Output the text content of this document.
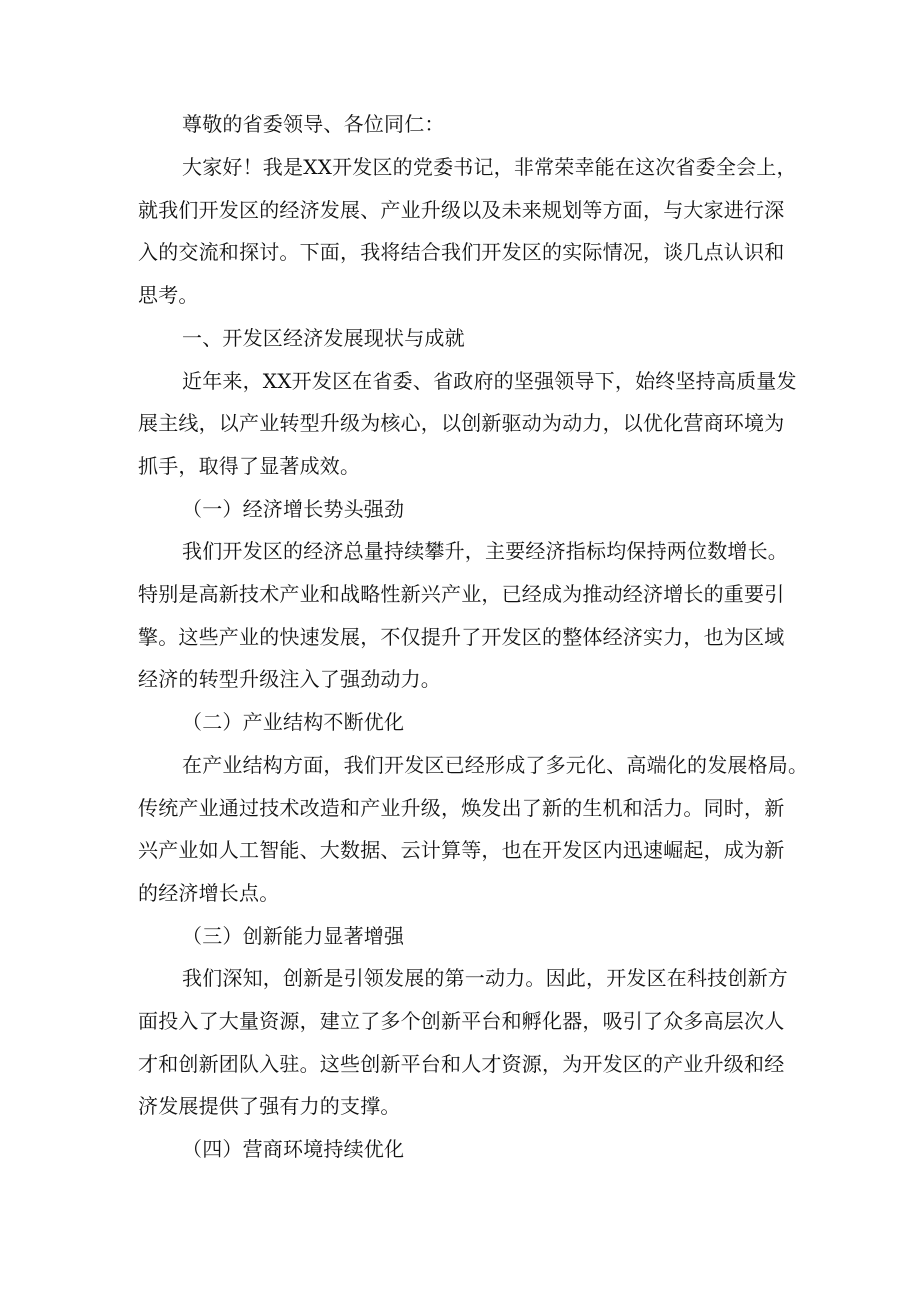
尊敬的省委领导、各位同仁：

大家好！我是XX开发区的党委书记，非常荣幸能在这次省委全会上，

就我们开发区的经济发展、产业升级以及未来规划等方面，与大家进行深

入的交流和探讨。下面，我将结合我们开发区的实际情况，谈几点认识和

思考。

一、开发区经济发展现状与成就

近年来，XX开发区在省委、省政府的坚强领导下，始终坚持高质量发

展主线，以产业转型升级为核心，以创新驱动为动力，以优化营商环境为

抓手，取得了显著成效。

（一）经济增长势头强劲

我们开发区的经济总量持续攀升，主要经济指标均保持两位数增长。

特别是高新技术产业和战略性新兴产业，已经成为推动经济增长的重要引

擎。这些产业的快速发展，不仅提升了开发区的整体经济实力，也为区域

经济的转型升级注入了强劲动力。

（二）产业结构不断优化

在产业结构方面，我们开发区已经形成了多元化、高端化的发展格局。

传统产业通过技术改造和产业升级，焕发出了新的生机和活力。同时，新

兴产业如人工智能、大数据、云计算等，也在开发区内迅速崛起，成为新

的经济增长点。

（三）创新能力显著增强

我们深知，创新是引领发展的第一动力。因此，开发区在科技创新方

面投入了大量资源，建立了多个创新平台和孵化器，吸引了众多高层次人

才和创新团队入驻。这些创新平台和人才资源，为开发区的产业升级和经

济发展提供了强有力的支撑。

（四）营商环境持续优化
